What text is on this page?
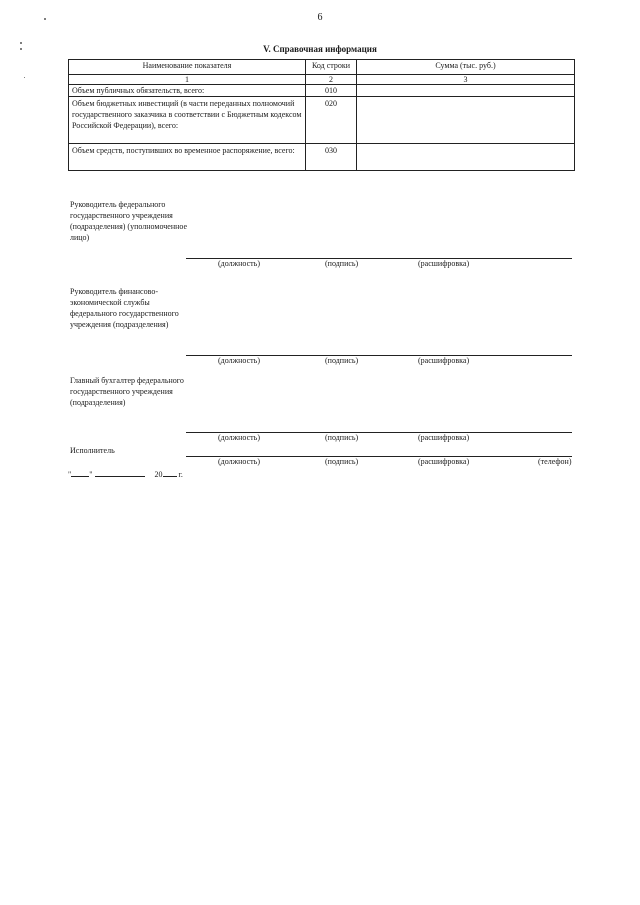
6
V. Справочная информация
Наименование показателя	Код строки	Сумма (тыс. руб.)
1	2	3
Объем публичных обязательств, всего:	010	
Объем бюджетных инвестиций (в части переданных полномочий государственного заказчика в соответствии с Бюджетным кодексом Российской Федерации), всего:	020	
Объем средств, поступивших во временное распоряжение, всего:	030	
Руководитель федерального государственного учреждения (подразделения) (уполномоченное лицо)
(должность)	(подпись)	(расшифровка)
Руководитель финансово-экономической службы федерального государственного учреждения (подразделения)
(должность)	(подпись)	(расшифровка)
Главный бухгалтер федерального государственного учреждения (подразделения)
(должность)	(подпись)	(расшифровка)
Исполнитель
(должность)	(подпись)	(расшифровка)	(телефон)
" "	20 г.
